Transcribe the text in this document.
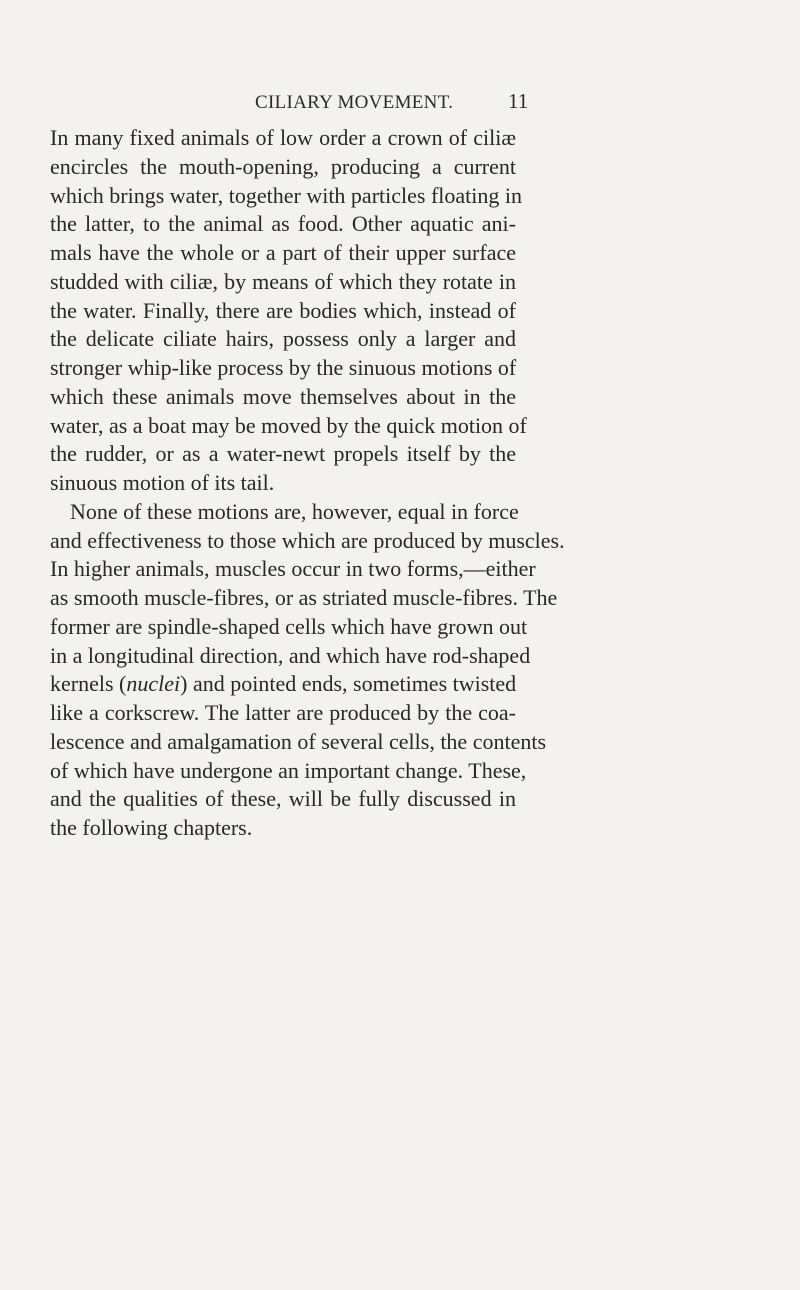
CILIARY MOVEMENT.	11
In many fixed animals of low order a crown of ciliæ
encircles the mouth-opening, producing a current
which brings water, together with particles floating in
the latter, to the animal as food. Other aquatic ani-
mals have the whole or a part of their upper surface
studded with ciliæ, by means of which they rotate in
the water. Finally, there are bodies which, instead of
the delicate ciliate hairs, possess only a larger and
stronger whip-like process by the sinuous motions of
which these animals move themselves about in the
water, as a boat may be moved by the quick motion of
the rudder, or as a water-newt propels itself by the
sinuous motion of its tail.
None of these motions are, however, equal in force
and effectiveness to those which are produced by muscles.
In higher animals, muscles occur in two forms,—either
as smooth muscle-fibres, or as striated muscle-fibres. The
former are spindle-shaped cells which have grown out
in a longitudinal direction, and which have rod-shaped
kernels (nuclei) and pointed ends, sometimes twisted
like a corkscrew. The latter are produced by the coa-
lescence and amalgamation of several cells, the contents
of which have undergone an important change. These,
and the qualities of these, will be fully discussed in
the following chapters.
